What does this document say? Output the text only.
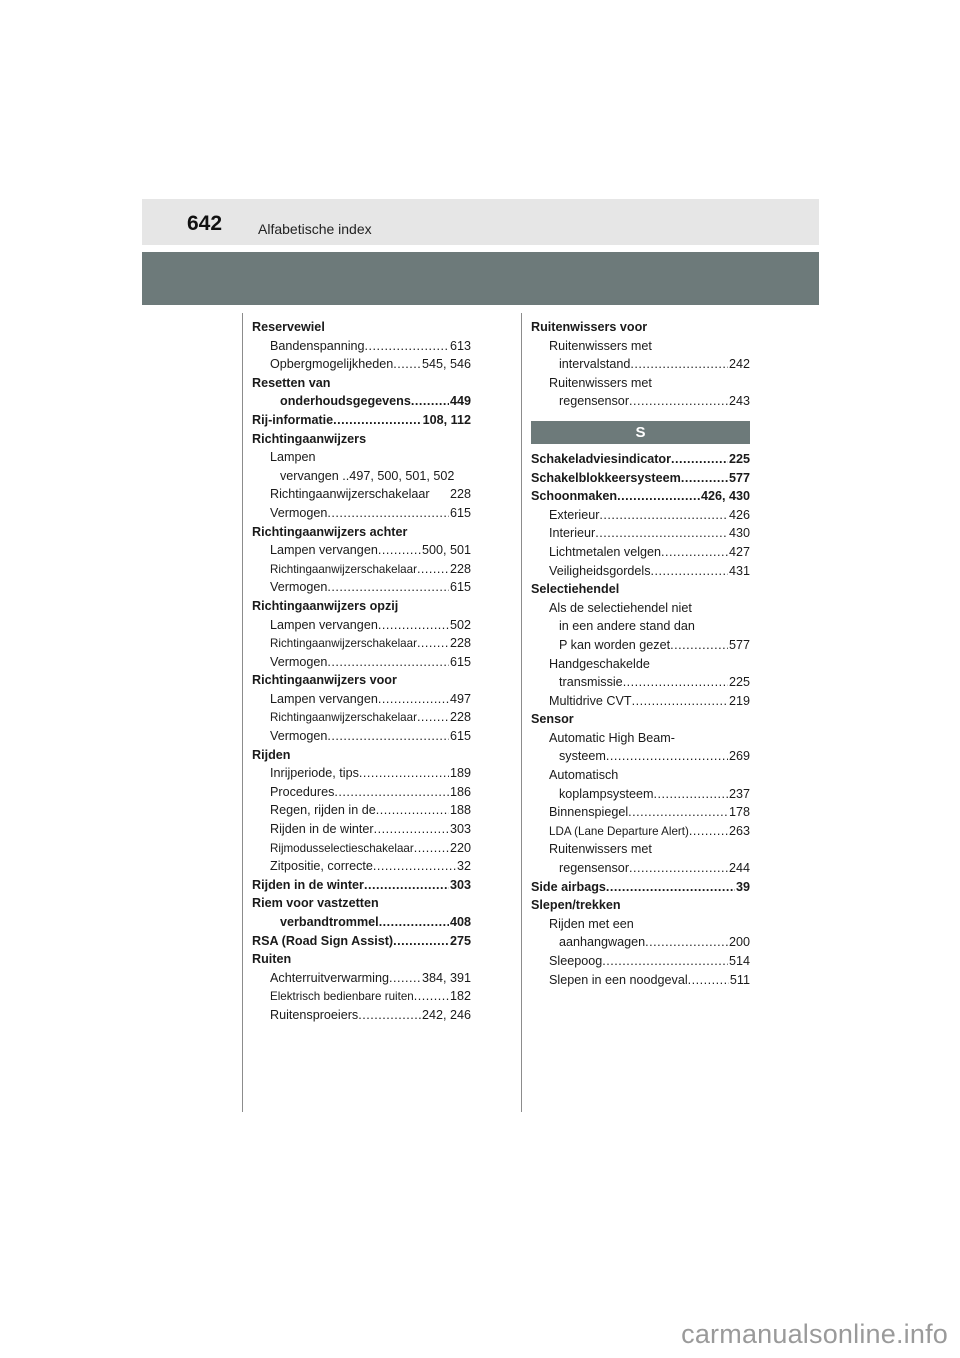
642	Alfabetische index
Reservewiel
Bandenspanning .....	613
Opbergmogelijkheden ..... 545, 546
Resetten van
onderhoudsgegevens .....	449
Rij-informatie .....	108, 112
Richtingaanwijzers
Lampen
vervangen ..497, 500, 501, 502
Richtingaanwijzerschakelaar 228
Vermogen .....	615
Richtingaanwijzers achter
Lampen vervangen .....	500, 501
Richtingaanwijzerschakelaar .....	228
Vermogen .....	615
Richtingaanwijzers opzij
Lampen vervangen .....	502
Richtingaanwijzerschakelaar .....	228
Vermogen .....	615
Richtingaanwijzers voor
Lampen vervangen .....	497
Richtingaanwijzerschakelaar .....	228
Vermogen .....	615
Rijden
Inrijperiode, tips .....	189
Procedures .....	186
Regen, rijden in de .....	188
Rijden in de winter .....	303
Rijmodusselectieschakelaar .....	220
Zitpositie, correcte .....	32
Rijden in de winter .....	303
Riem voor vastzetten
verbandtrommel .....	408
RSA (Road Sign Assist) .....	275
Ruiten
Achterruitverwarming .....	384, 391
Elektrisch bedienbare ruiten .....	182
Ruitensproeiers .....	242, 246
Ruitenwissers voor
Ruitenwissers met
intervalstand .....	242
Ruitenwissers met
regensensor .....	243
S
Schakeladviesindicator .....	225
Schakelblokkeersysteem .....	577
Schoonmaken .....	426, 430
Exterieur .....	426
Interieur .....	430
Lichtmetalen velgen .....	427
Veiligheidsgordels .....	431
Selectiehendel
Als de selectiehendel niet
in een andere stand dan
P kan worden gezet .....	577
Handgeschakelde
transmissie .....	225
Multidrive CVT .....	219
Sensor
Automatic High Beam-
systeem .....	269
Automatisch
koplampsysteem .....	237
Binnenspiegel .....	178
LDA (Lane Departure Alert) .....	263
Ruitenwissers met
regensensor .....	244
Side airbags .....	39
Slepen/trekken
Rijden met een
aanhangwagen .....	200
Sleepoog .....	514
Slepen in een noodgeval .....	511
carmanualsonline.info
